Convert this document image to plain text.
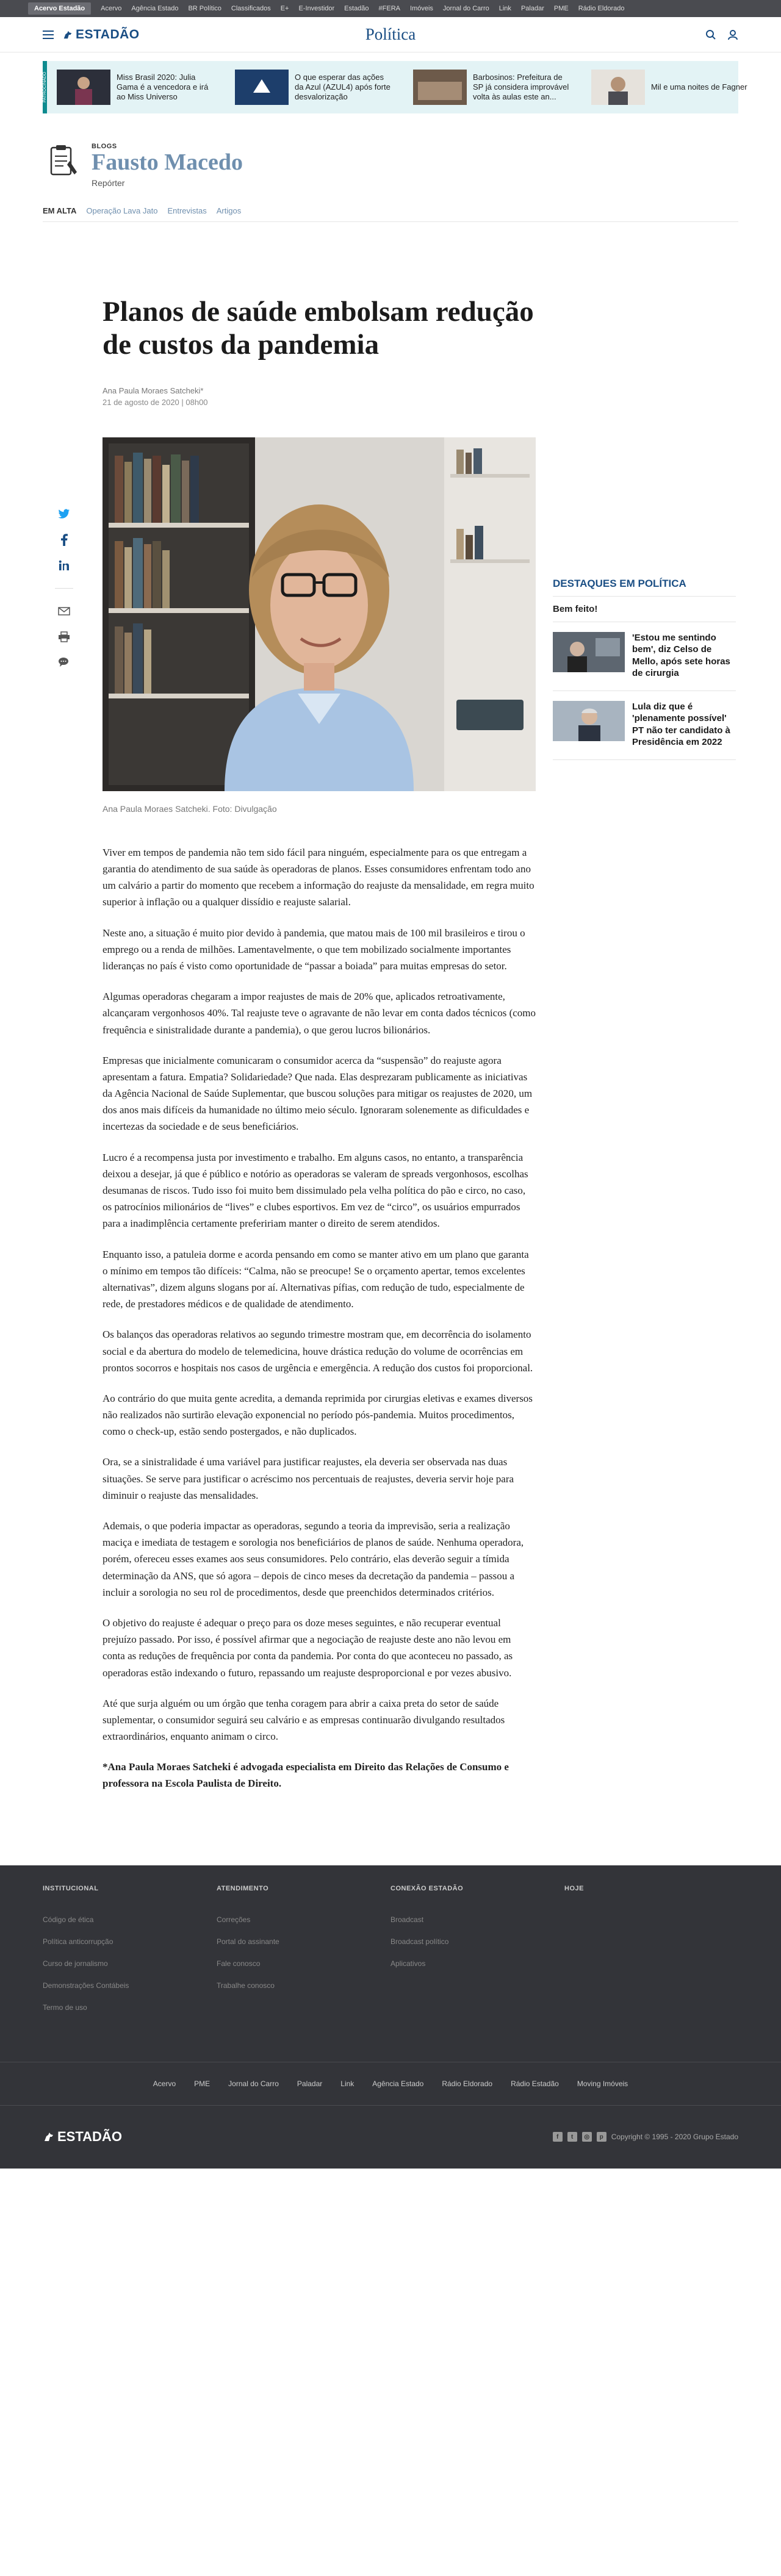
Acervo Estadão	Acervo Agência Estado BR Político Classificados E+ E-Investidor Estadão #FERA Imóveis Jornal do Carro Link Paladar PME Rádio Eldorado
ESTADÃO	Política
PATROCINADO	Miss Brasil 2020: Julia Gama é a vencedora e irá ao Miss Universo
O que esperar das ações da Azul (AZUL4) após forte desvalorização
Barbosinos: Prefeitura de SP já considera improvável volta às aulas este an...
Mil e uma noites de Fagner
BLOGS
Fausto Macedo
Repórter
EM ALTA Operação Lava Jato Entrevistas Artigos
Planos de saúde embolsam redução de custos da pandemia
Ana Paula Moraes Satcheki*
21 de agosto de 2020 | 08h00
Ana Paula Moraes Satcheki. Foto: Divulgação

Viver em tempos de pandemia não tem sido fácil para ninguém, especialmente para os que entregam a garantia do atendimento de sua saúde às operadoras de planos. Esses consumidores enfrentam todo ano um calvário a partir do momento que recebem a informação do reajuste da mensalidade, em regra muito superior à inflação ou a qualquer dissídio e reajuste salarial.

Neste ano, a situação é muito pior devido à pandemia, que matou mais de 100 mil brasileiros e tirou o emprego ou a renda de milhões. Lamentavelmente, o que tem mobilizado socialmente importantes lideranças no país é visto como oportunidade de “passar a boiada” para muitas empresas do setor.

Algumas operadoras chegaram a impor reajustes de mais de 20% que, aplicados retroativamente, alcançaram vergonhosos 40%. Tal reajuste teve o agravante de não levar em conta dados técnicos (como frequência e sinistralidade durante a pandemia), o que gerou lucros bilionários.

Empresas que inicialmente comunicaram o consumidor acerca da “suspensão” do reajuste agora apresentam a fatura. Empatia? Solidariedade? Que nada. Elas desprezaram publicamente as iniciativas da Agência Nacional de Saúde Suplementar, que buscou soluções para mitigar os reajustes de 2020, um dos anos mais difíceis da humanidade no último meio século. Ignoraram solenemente as dificuldades e incertezas da sociedade e de seus beneficiários.

Lucro é a recompensa justa por investimento e trabalho. Em alguns casos, no entanto, a transparência deixou a desejar, já que é público e notório as operadoras se valeram de spreads vergonhosos, escolhas desumanas de riscos. Tudo isso foi muito bem dissimulado pela velha política do pão e circo, no caso, os patrocínios milionários de “lives” e clubes esportivos. Em vez de “circo”, os usuários empurrados para a inadimplência certamente prefeririam manter o direito de serem atendidos.

Enquanto isso, a patuleia dorme e acorda pensando em como se manter ativo em um plano que garanta o mínimo em tempos tão difíceis: “Calma, não se preocupe! Se o orçamento apertar, temos excelentes alternativas”, dizem alguns slogans por aí. Alternativas pífias, com redução de tudo, especialmente de rede, de prestadores médicos e de qualidade de atendimento.

Os balanços das operadoras relativos ao segundo trimestre mostram que, em decorrência do isolamento social e da abertura do modelo de telemedicina, houve drástica redução do volume de ocorrências em prontos socorros e hospitais nos casos de urgência e emergência. A redução dos custos foi proporcional.

Ao contrário do que muita gente acredita, a demanda reprimida por cirurgias eletivas e exames diversos não realizados não surtirão elevação exponencial no período pós-pandemia. Muitos procedimentos, como o check-up, estão sendo postergados, e não duplicados.

Ora, se a sinistralidade é uma variável para justificar reajustes, ela deveria ser observada nas duas situações. Se serve para justificar o acréscimo nos percentuais de reajustes, deveria servir hoje para diminuir o reajuste das mensalidades.

Ademais, o que poderia impactar as operadoras, segundo a teoria da imprevisão, seria a realização maciça e imediata de testagem e sorologia nos beneficiários de planos de saúde. Nenhuma operadora, porém, ofereceu esses exames aos seus consumidores. Pelo contrário, elas deverão seguir a tímida determinação da ANS, que só agora – depois de cinco meses da decretação da pandemia – passou a incluir a sorologia no seu rol de procedimentos, desde que preenchidos determinados critérios.

O objetivo do reajuste é adequar o preço para os doze meses seguintes, e não recuperar eventual prejuízo passado. Por isso, é possível afirmar que a negociação de reajuste deste ano não levou em conta as reduções de frequência por conta da pandemia. Por conta do que aconteceu no passado, as operadoras estão indexando o futuro, repassando um reajuste desproporcional e por vezes abusivo.

Até que surja alguém ou um órgão que tenha coragem para abrir a caixa preta do setor de saúde suplementar, o consumidor seguirá seu calvário e as empresas continuarão divulgando resultados extraordinários, enquanto animam o circo.

*Ana Paula Moraes Satcheki é advogada especialista em Direito das Relações de Consumo e professora na Escola Paulista de Direito.

DESTAQUES EM POLÍTICA
Bem feito!
'Estou me sentindo bem', diz Celso de Mello, após sete horas de cirurgia
Lula diz que é 'plenamente possível' PT não ter candidato à Presidência em 2022
INSTITUCIONAL
Código de ética
Política anticorrupção
Curso de jornalismo
Demonstrações Contábeis
Termo de uso
ATENDIMENTO
Correções
Portal do assinante
Fale conosco
Trabalhe conosco
CONEXÃO ESTADÃO
Broadcast
Broadcast político
Aplicativos
HOJE
Acervo	PME	Jornal do Carro	Paladar	Link	Agência Estado	Rádio Eldorado	Rádio Estadão	Moving Imóveis
ESTADÃO	f	t	◎	p	Copyright © 1995 - 2020 Grupo Estado
